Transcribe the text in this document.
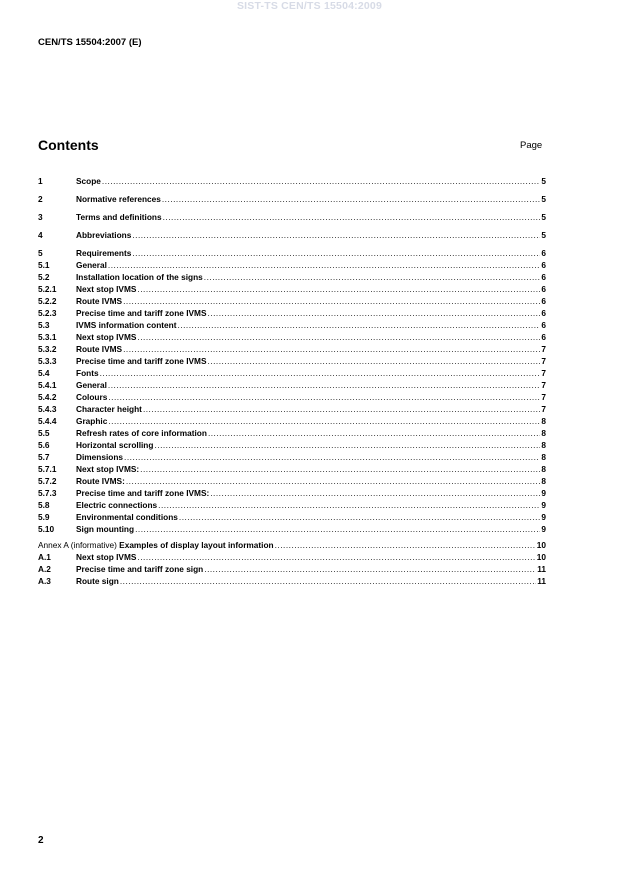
SIST-TS CEN/TS 15504:2009
CEN/TS 15504:2007 (E)
Contents	Page
1	Scope .....	5
2	Normative references .....	5
3	Terms and definitions .....	5
4	Abbreviations .....	5
5	Requirements .....	6
5.1	General .....	6
5.2	Installation location of the signs .....	6
5.2.1	Next stop IVMS .....	6
5.2.2	Route IVMS .....	6
5.2.3	Precise time and tariff zone IVMS .....	6
5.3	IVMS information content .....	6
5.3.1	Next stop IVMS .....	6
5.3.2	Route IVMS .....	7
5.3.3	Precise time and tariff zone IVMS .....	7
5.4	Fonts .....	7
5.4.1	General .....	7
5.4.2	Colours .....	7
5.4.3	Character height .....	7
5.4.4	Graphic .....	8
5.5	Refresh rates of core information .....	8
5.6	Horizontal scrolling .....	8
5.7	Dimensions .....	8
5.7.1	Next stop IVMS: .....	8
5.7.2	Route IVMS: .....	8
5.7.3	Precise time and tariff zone IVMS: .....	9
5.8	Electric connections .....	9
5.9	Environmental conditions .....	9
5.10	Sign mounting .....	9
Annex A (informative) Examples of display layout information .....	10
A.1	Next stop IVMS .....	10
A.2	Precise time and tariff zone sign .....	11
A.3	Route sign .....	11
2
